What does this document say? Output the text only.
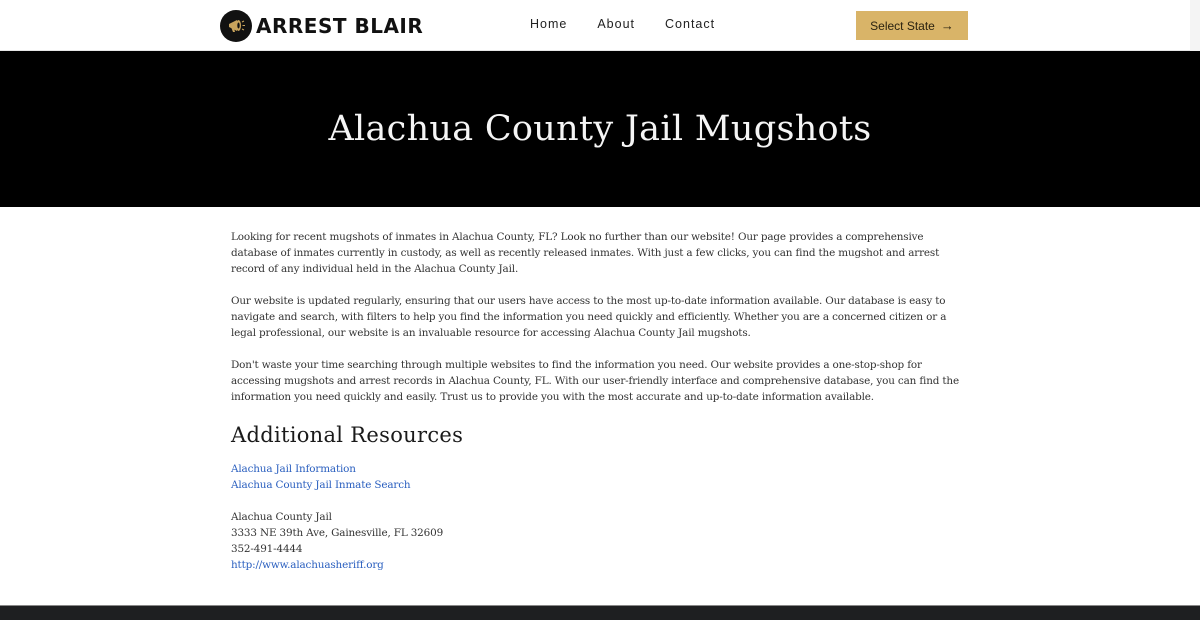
ARREST BLAIR	Home About Contact	Select State →
Alachua County Jail Mugshots

Looking for recent mugshots of inmates in Alachua County, FL? Look no further than our website! Our page provides a comprehensive database of inmates currently in custody, as well as recently released inmates. With just a few clicks, you can find the mugshot and arrest record of any individual held in the Alachua County Jail.

Our website is updated regularly, ensuring that our users have access to the most up-to-date information available. Our database is easy to navigate and search, with filters to help you find the information you need quickly and efficiently. Whether you are a concerned citizen or a legal professional, our website is an invaluable resource for accessing Alachua County Jail mugshots.

Don't waste your time searching through multiple websites to find the information you need. Our website provides a one-stop-shop for accessing mugshots and arrest records in Alachua County, FL. With our user-friendly interface and comprehensive database, you can find the information you need quickly and easily. Trust us to provide you with the most accurate and up-to-date information available.

Additional Resources
Alachua Jail Information
Alachua County Jail Inmate Search
Alachua County Jail
3333 NE 39th Ave, Gainesville, FL 32609
352-491-4444
http://www.alachuasheriff.org
